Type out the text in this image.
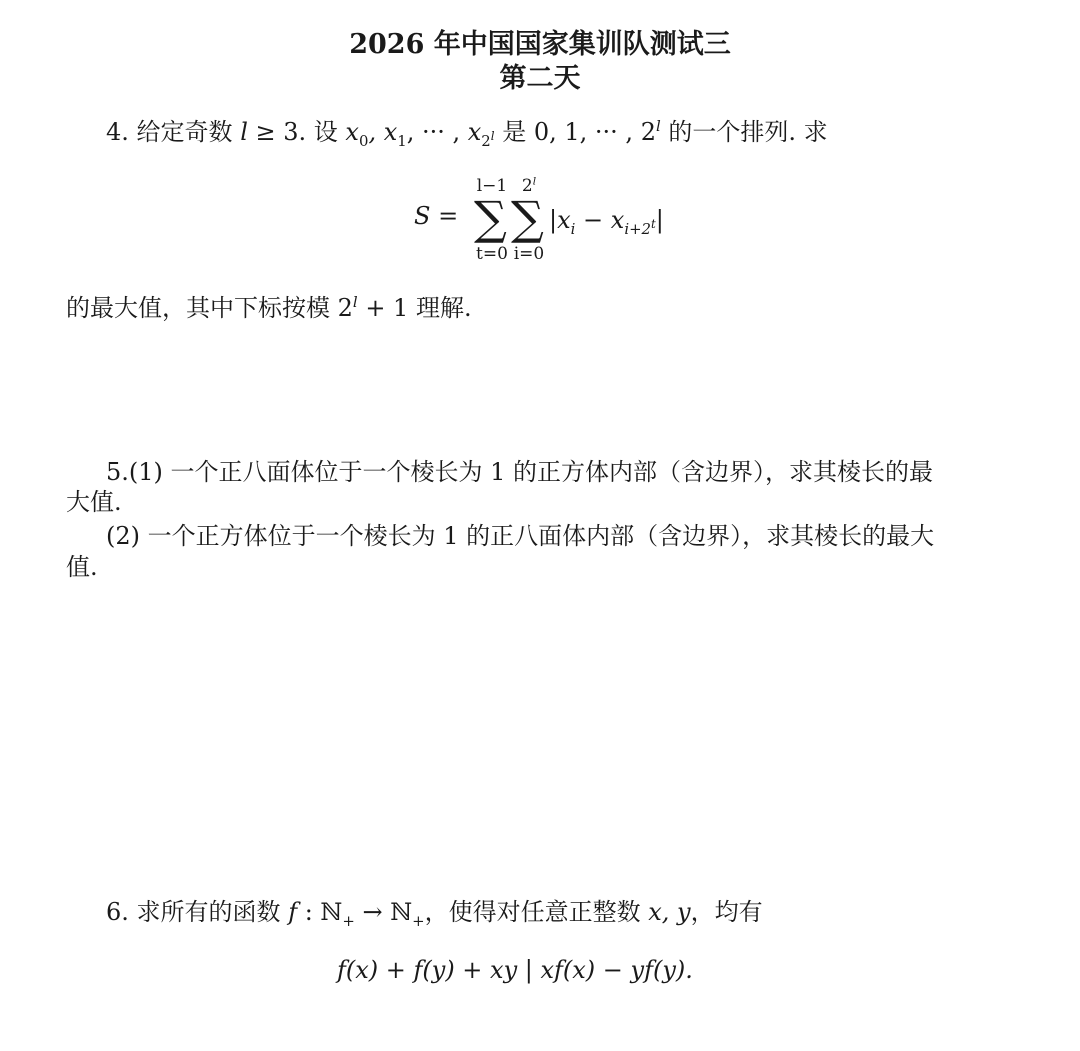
2026 年中国国家集训队测试三
第二天
4. 给定奇数 l ≥ 3. 设 $x_0$, $x_1$, ··· , $x_{2^l}$ 是 0, 1, ··· , 2$^l$ 的一个排列. 求
S =
l−1
∑
t=0
2$^l$
∑
i=0
$|x_i - x_{i+2^t}|$
的最大值，其中下标按模 $2^l + 1$ 理解.
5.(1) 一个正八面体位于一个棱长为 1 的正方体内部（含边界），求其棱长的最
大值.
(2) 一个正方体位于一个棱长为 1 的正八面体内部（含边界），求其棱长的最大
值.
6. 求所有的函数 f : ℕ$_+$ → ℕ$_+$，使得对任意正整数 x, y，均有
f(x) + f(y) + xy | xf(x) − yf(y).
